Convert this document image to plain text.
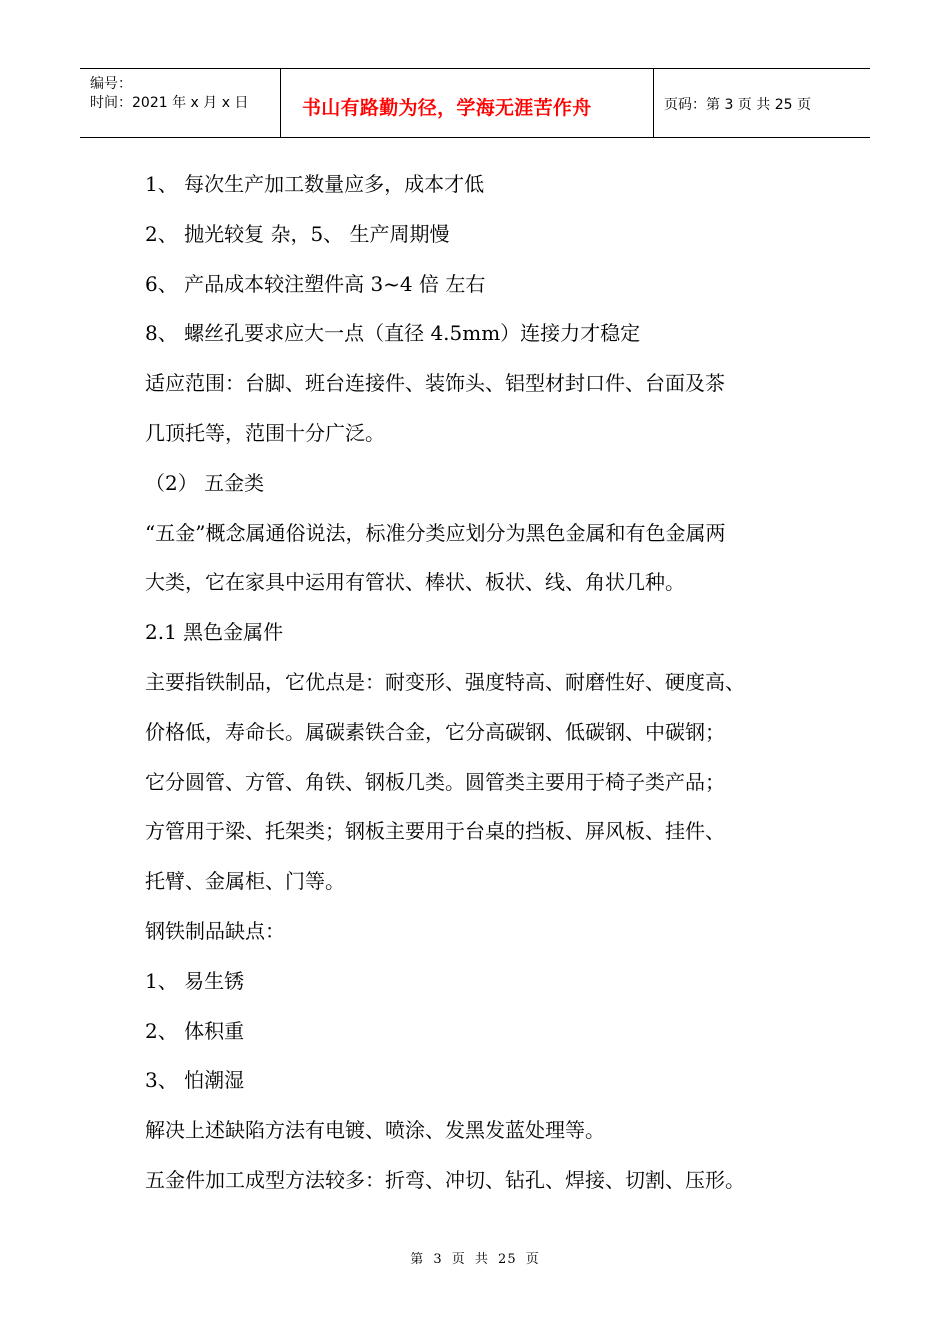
编号：
时间：2021 年 x 月 x 日	书山有路勤为径，学海无涯苦作舟	页码：第 3 页 共 25 页

1、 每次生产加工数量应多，成本才低

2、 抛光较复 杂，5、 生产周期慢

6、 产品成本较注塑件高 3~4 倍 左右

8、 螺丝孔要求应大一点（直径 4.5mm）连接力才稳定

适应范围：台脚、班台连接件、装饰头、铝型材封口件、台面及茶

几顶托等，范围十分广泛。

（2） 五金类

“五金”概念属通俗说法，标准分类应划分为黑色金属和有色金属两

大类，它在家具中运用有管状、棒状、板状、线、角状几种。

2.1 黑色金属件

主要指铁制品，它优点是：耐变形、强度特高、耐磨性好、硬度高、

价格低，寿命长。属碳素铁合金，它分高碳钢、低碳钢、中碳钢；

它分圆管、方管、角铁、钢板几类。圆管类主要用于椅子类产品；

方管用于梁、托架类；钢板主要用于台桌的挡板、屏风板、挂件、

托臂、金属柜、门等。

钢铁制品缺点：

1、 易生锈

2、 体积重

3、 怕潮湿

解决上述缺陷方法有电镀、喷涂、发黑发蓝处理等。

五金件加工成型方法较多：折弯、冲切、钻孔、焊接、切割、压形。

第 3 页 共 25 页
